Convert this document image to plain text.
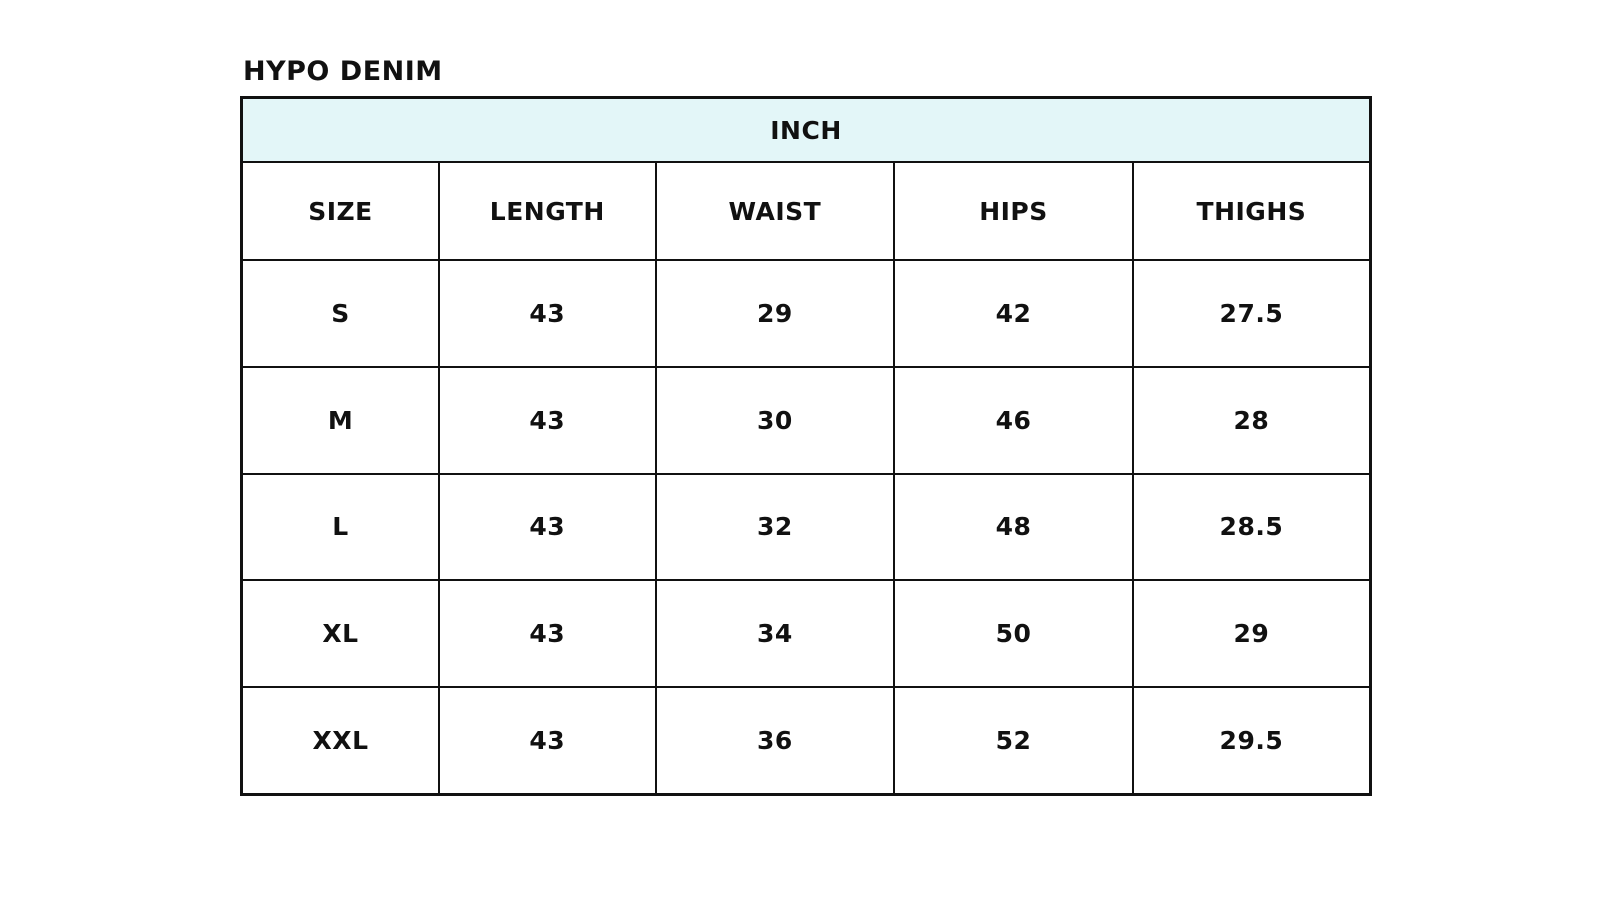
HYPO DENIM
INCH				
SIZE	LENGTH	WAIST	HIPS	THIGHS
S	43	29	42	27.5
M	43	30	46	28
L	43	32	48	28.5
XL	43	34	50	29
XXL	43	36	52	29.5
